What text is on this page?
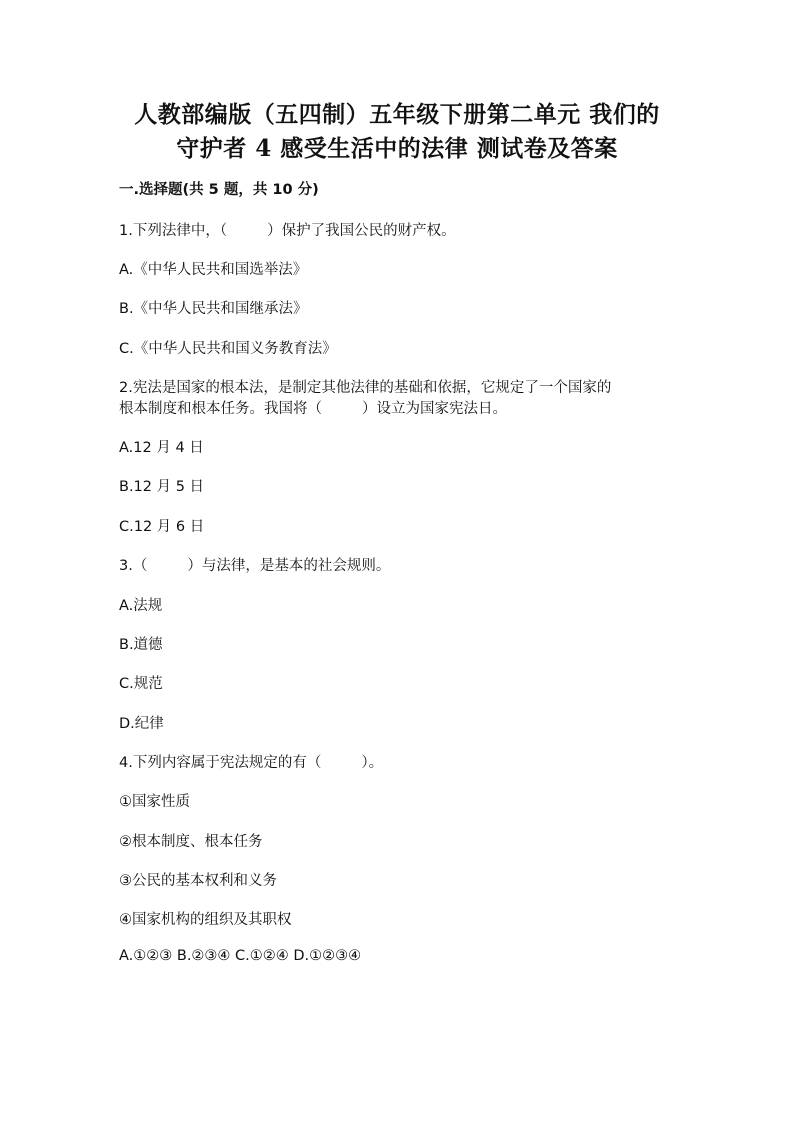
人教部编版（五四制）五年级下册第二单元 我们的
守护者 4 感受生活中的法律 测试卷及答案

一.选择题(共 5 题，共 10 分)

1.下列法律中，（	）保护了我国公民的财产权。

A.《中华人民共和国选举法》

B.《中华人民共和国继承法》

C.《中华人民共和国义务教育法》

2.宪法是国家的根本法，是制定其他法律的基础和依据，它规定了一个国家的

根本制度和根本任务。我国将（	）设立为国家宪法日。

A.12 月 4 日

B.12 月 5 日

C.12 月 6 日

3.（	）与法律，是基本的社会规则。

A.法规

B.道德

C.规范

D.纪律

4.下列内容属于宪法规定的有（	）。

①国家性质

②根本制度、根本任务

③公民的基本权利和义务

④国家机构的组织及其职权

A.①②③ B.②③④ C.①②④ D.①②③④
